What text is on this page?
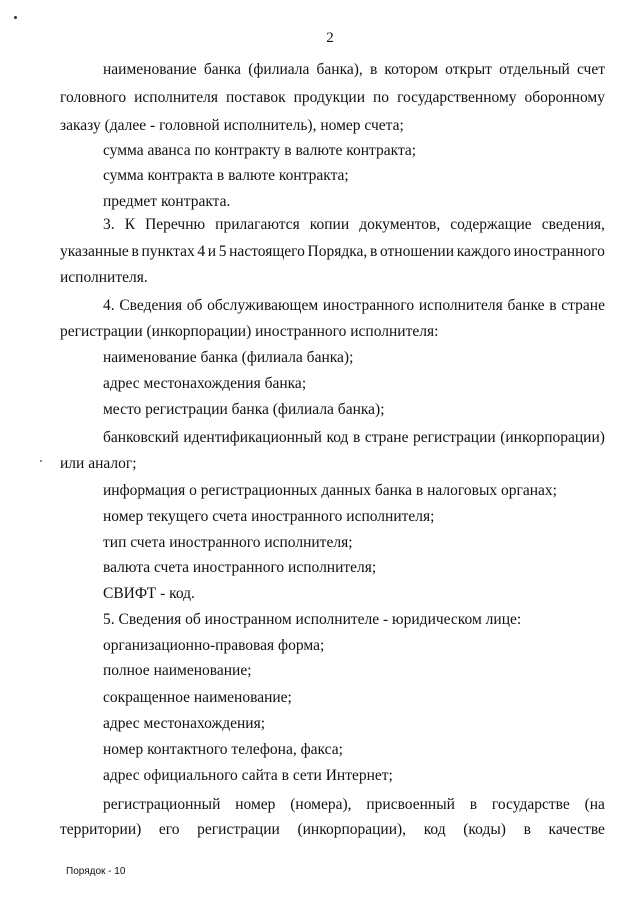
2
наименование банка (филиала банка), в котором открыт отдельный счет
головного исполнителя поставок продукции по государственному оборонному
заказу (далее - головной исполнитель), номер счета;
сумма аванса по контракту в валюте контракта;
сумма контракта в валюте контракта;
предмет контракта.
3. К Перечню прилагаются копии документов, содержащие сведения,
указанные в пунктах 4 и 5 настоящего Порядка, в отношении каждого иностранного
исполнителя.
4. Сведения об обслуживающем иностранного исполнителя банке в стране
регистрации (инкорпорации) иностранного исполнителя:
наименование банка (филиала банка);
адрес местонахождения банка;
место регистрации банка (филиала банка);
банковский идентификационный код в стране регистрации (инкорпорации)
или аналог;
информация о регистрационных данных банка в налоговых органах;
номер текущего счета иностранного исполнителя;
тип счета иностранного исполнителя;
валюта счета иностранного исполнителя;
СВИФТ - код.
5. Сведения об иностранном исполнителе - юридическом лице:
организационно-правовая форма;
полное наименование;
сокращенное наименование;
адрес местонахождения;
номер контактного телефона, факса;
адрес официального сайта в сети Интернет;
регистрационный номер (номера), присвоенный в государстве (на
территории) его регистрации (инкорпорации), код (коды) в качестве
Порядок - 10
